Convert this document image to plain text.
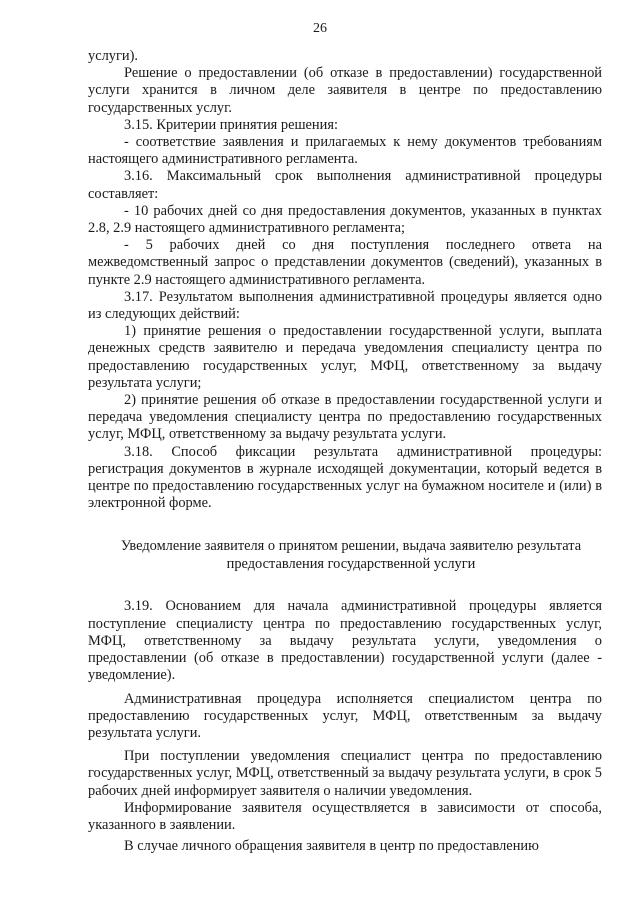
26

услуги).

Решение о предоставлении (об отказе в предоставлении) государственной услуги хранится в личном деле заявителя в центре по предоставлению государственных услуг.

3.15. Критерии принятия решения:

- соответствие заявления и прилагаемых к нему документов требованиям настоящего административного регламента.

3.16. Максимальный срок выполнения административной процедуры составляет:

- 10 рабочих дней со дня предоставления документов, указанных в пунктах 2.8, 2.9 настоящего административного регламента;

- 5 рабочих дней со дня поступления последнего ответа на межведомственный запрос о представлении документов (сведений), указанных в пункте 2.9 настоящего административного регламента.

3.17. Результатом выполнения административной процедуры является одно из следующих действий:

1) принятие решения о предоставлении государственной услуги, выплата денежных средств заявителю и передача уведомления специалисту центра по предоставлению государственных услуг, МФЦ, ответственному за выдачу результата услуги;

2) принятие решения об отказе в предоставлении государственной услуги и передача уведомления специалисту центра по предоставлению государственных услуг, МФЦ, ответственному за выдачу результата услуги.

3.18. Способ фиксации результата административной процедуры: регистрация документов в журнале исходящей документации, который ведется в центре по предоставлению государственных услуг на бумажном носителе и (или) в электронной форме.

Уведомление заявителя о принятом решении, выдача заявителю результата предоставления государственной услуги

3.19. Основанием для начала административной процедуры является поступление специалисту центра по предоставлению государственных услуг, МФЦ, ответственному за выдачу результата услуги, уведомления о предоставлении (об отказе в предоставлении) государственной услуги (далее - уведомление).

Административная процедура исполняется специалистом центра по предоставлению государственных услуг, МФЦ, ответственным за выдачу результата услуги.

При поступлении уведомления специалист центра по предоставлению государственных услуг, МФЦ, ответственный за выдачу результата услуги, в срок 5 рабочих дней информирует заявителя о наличии уведомления.

Информирование заявителя осуществляется в зависимости от способа, указанного в заявлении.

В случае личного обращения заявителя в центр по предоставлению
